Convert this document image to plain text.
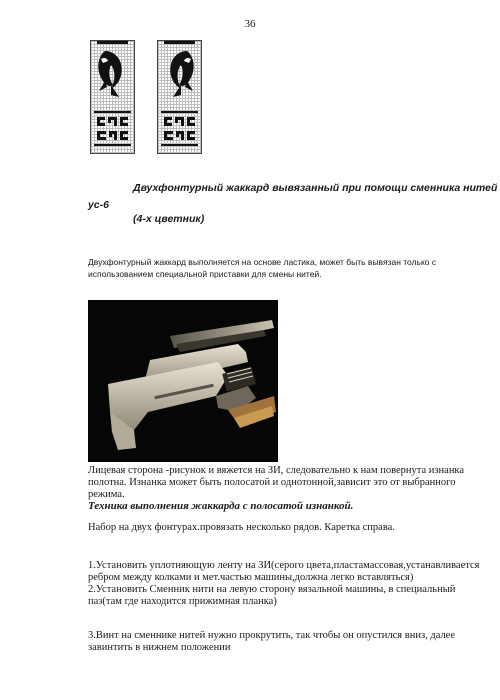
36
Двухфонтурный жаккард вывязанный при помощи сменника нитей
ус-6
(4-х цветник)
Двухфонтурный жаккард выполняется на основе ластика, может быть вывязан только с использованием специальной приставки для смены нитей.
Лицевая сторона -рисунок и вяжется на ЗИ, следовательно к нам повернута изнанка полотна. Изнанка может быть полосатой и однотонной,зависит это от выбранного режима.
Техника выполнения жаккарда с полосатой изнанкой.
Набор на двух фонтурах.провязать несколько рядов. Каретка справа.

1.Установить уплотняющую ленту на ЗИ(серого цвета,пластамассовая,устанавливается ребром между колками и мет.частью машины,должна легко вставляться)

2.Установить Сменник нити на левую сторону вязальной машины, в специальный паз(там где находится прижимная планка)

3.Винт на сменнике нитей нужно прокрутить, так чтобы он опустился вниз, далее завинтить в нижнем положении
